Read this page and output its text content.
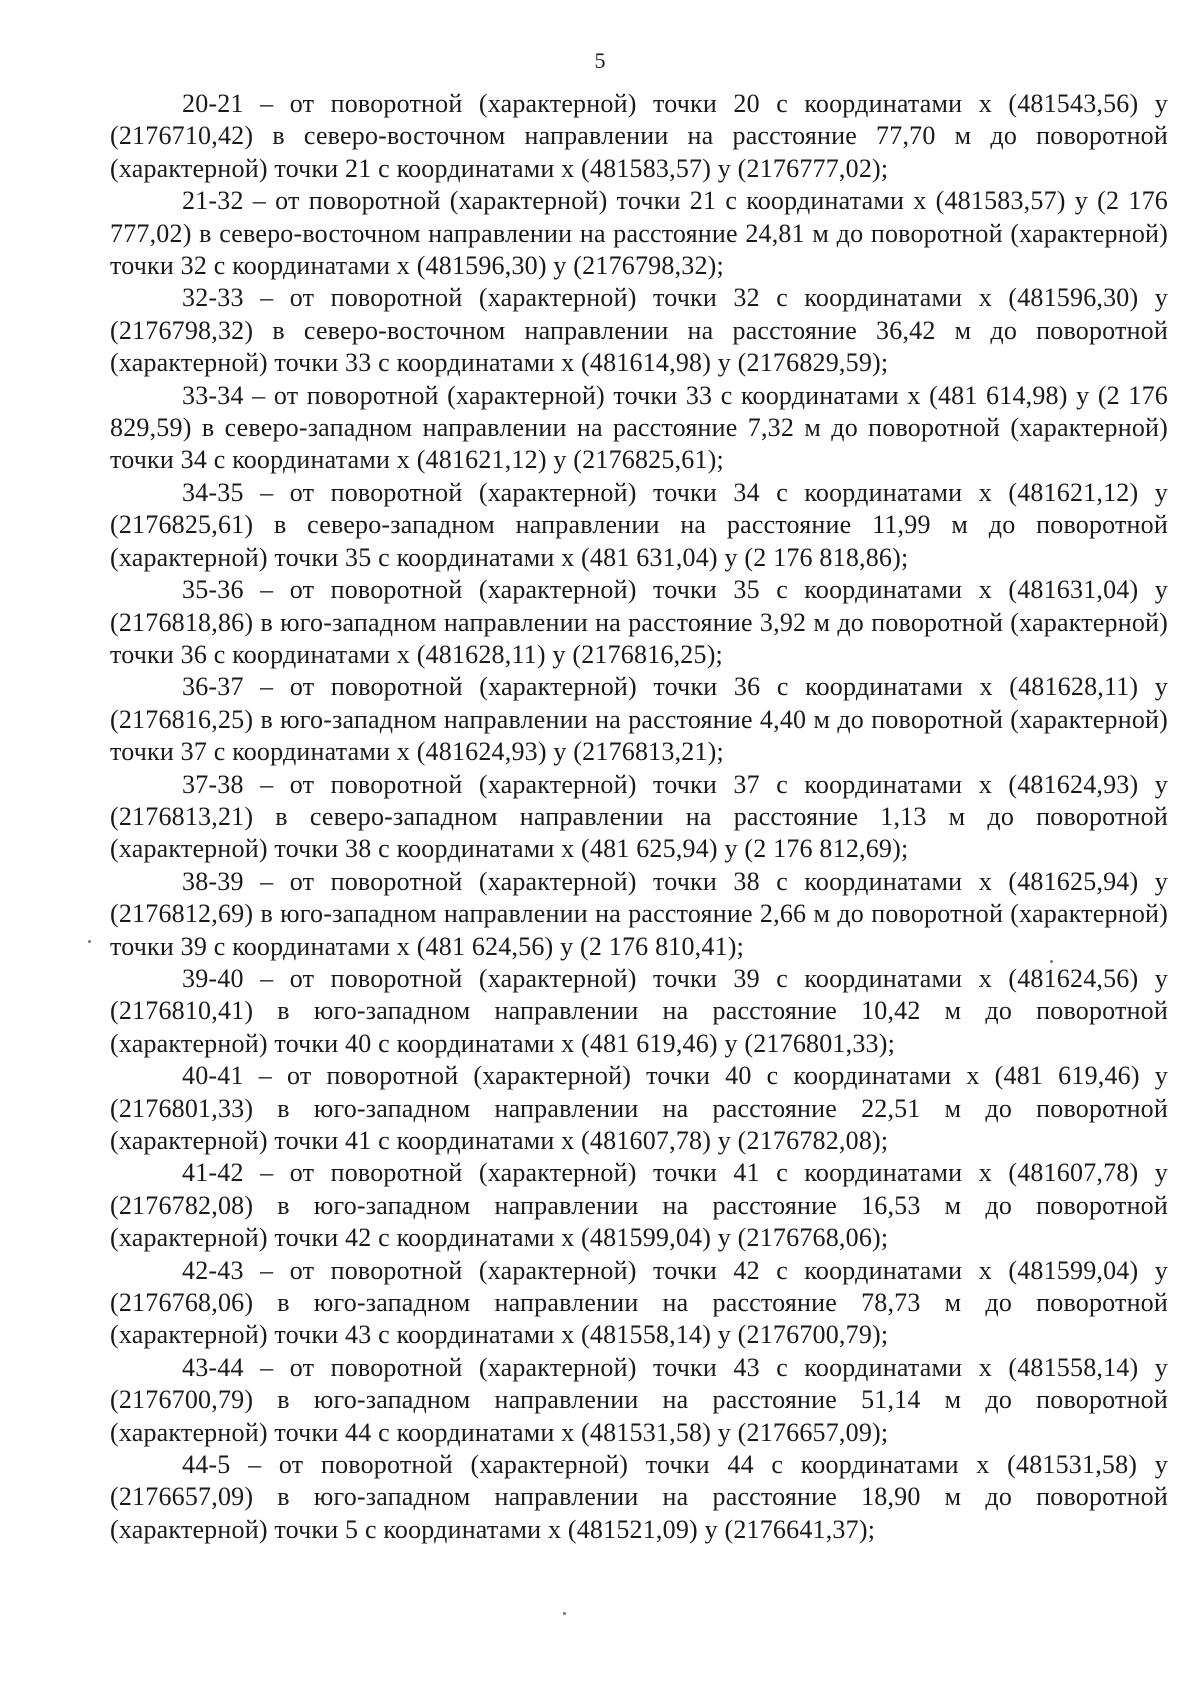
5

20-21 – от поворотной (характерной) точки 20 с координатами х (481543,56) у (2176710,42) в северо-восточном направлении на расстояние 77,70 м до поворотной (характерной) точки 21 с координатами х (481583,57) у (2176777,02);

21-32 – от поворотной (характерной) точки 21 с координатами х (481583,57) у (2 176 777,02) в северо-восточном направлении на расстояние 24,81 м до поворотной (характерной) точки 32 с координатами х (481596,30) у (2176798,32);

32-33 – от поворотной (характерной) точки 32 с координатами х (481596,30) у (2176798,32) в северо-восточном направлении на расстояние 36,42 м до поворотной (характерной) точки 33 с координатами х (481614,98) у (2176829,59);

33-34 – от поворотной (характерной) точки 33 с координатами х (481 614,98) у (2 176 829,59) в северо-западном направлении на расстояние 7,32 м до поворотной (характерной) точки 34 с координатами х (481621,12) у (2176825,61);

34-35 – от поворотной (характерной) точки 34 с координатами х (481621,12) у (2176825,61) в северо-западном направлении на расстояние 11,99 м до поворотной (характерной) точки 35 с координатами х (481 631,04) у (2 176 818,86);

35-36 – от поворотной (характерной) точки 35 с координатами х (481631,04) у (2176818,86) в юго-западном направлении на расстояние 3,92 м до поворотной (характерной) точки 36 с координатами х (481628,11) у (2176816,25);

36-37 – от поворотной (характерной) точки 36 с координатами х (481628,11) у (2176816,25) в юго-западном направлении на расстояние 4,40 м до поворотной (характерной) точки 37 с координатами х (481624,93) у (2176813,21);

37-38 – от поворотной (характерной) точки 37 с координатами х (481624,93) у (2176813,21) в северо-западном направлении на расстояние 1,13 м до поворотной (характерной) точки 38 с координатами х (481 625,94) у (2 176 812,69);

38-39 – от поворотной (характерной) точки 38 с координатами х (481625,94) у (2176812,69) в юго-западном направлении на расстояние 2,66 м до поворотной (характерной) точки 39 с координатами х (481 624,56) у (2 176 810,41);

39-40 – от поворотной (характерной) точки 39 с координатами х (481624,56) у (2176810,41) в юго-западном направлении на расстояние 10,42 м до поворотной (характерной) точки 40 с координатами х (481 619,46) у (2176801,33);

40-41 – от поворотной (характерной) точки 40 с координатами х (481 619,46) у (2176801,33) в юго-западном направлении на расстояние 22,51 м до поворотной (характерной) точки 41 с координатами х (481607,78) у (2176782,08);

41-42 – от поворотной (характерной) точки 41 с координатами х (481607,78) у (2176782,08) в юго-западном направлении на расстояние 16,53 м до поворотной (характерной) точки 42 с координатами х (481599,04) у (2176768,06);

42-43 – от поворотной (характерной) точки 42 с координатами х (481599,04) у (2176768,06) в юго-западном направлении на расстояние 78,73 м до поворотной (характерной) точки 43 с координатами х (481558,14) у (2176700,79);

43-44 – от поворотной (характерной) точки 43 с координатами х (481558,14) у (2176700,79) в юго-западном направлении на расстояние 51,14 м до поворотной (характерной) точки 44 с координатами х (481531,58) у (2176657,09);

44-5 – от поворотной (характерной) точки 44 с координатами х (481531,58) у (2176657,09) в юго-западном направлении на расстояние 18,90 м до поворотной (характерной) точки 5 с координатами х (481521,09) у (2176641,37);
